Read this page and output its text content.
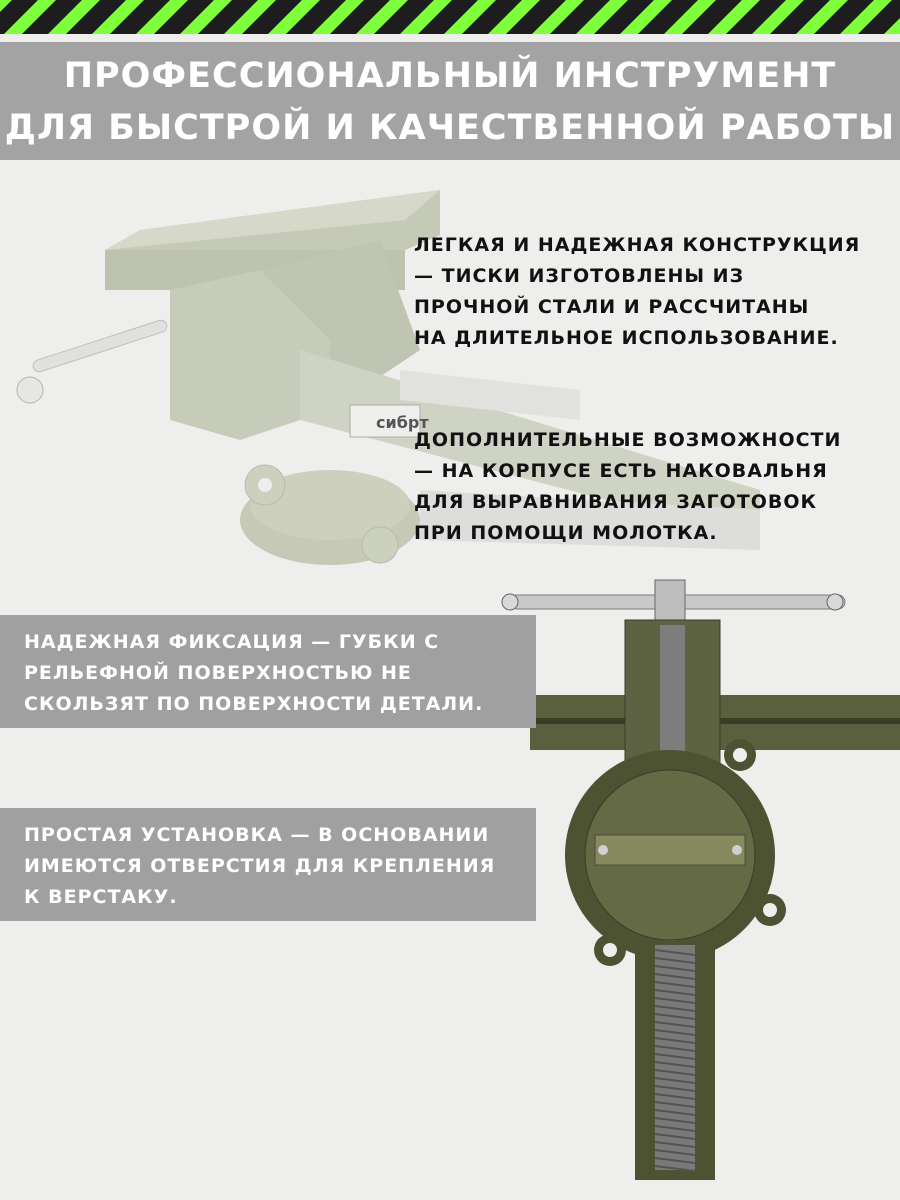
ПРОФЕССИОНАЛЬНЫЙ ИНСТРУМЕНТ
ДЛЯ БЫСТРОЙ И КАЧЕСТВЕННОЙ РАБОТЫ
сибрт
ЛЕГКАЯ И НАДЕЖНАЯ КОНСТРУКЦИЯ
— ТИСКИ ИЗГОТОВЛЕНЫ ИЗ
ПРОЧНОЙ СТАЛИ И РАССЧИТАНЫ
НА ДЛИТЕЛЬНОЕ ИСПОЛЬЗОВАНИЕ.
ДОПОЛНИТЕЛЬНЫЕ ВОЗМОЖНОСТИ
— НА КОРПУСЕ ЕСТЬ НАКОВАЛЬНЯ
ДЛЯ ВЫРАВНИВАНИЯ ЗАГОТОВОК
ПРИ ПОМОЩИ МОЛОТКА.
НАДЕЖНАЯ ФИКСАЦИЯ — ГУБКИ С
РЕЛЬЕФНОЙ ПОВЕРХНОСТЬЮ НЕ
СКОЛЬЗЯТ ПО ПОВЕРХНОСТИ ДЕТАЛИ.
ПРОСТАЯ УСТАНОВКА — В ОСНОВАНИИ
ИМЕЮТСЯ ОТВЕРСТИЯ ДЛЯ КРЕПЛЕНИЯ
К ВЕРСТАКУ.
